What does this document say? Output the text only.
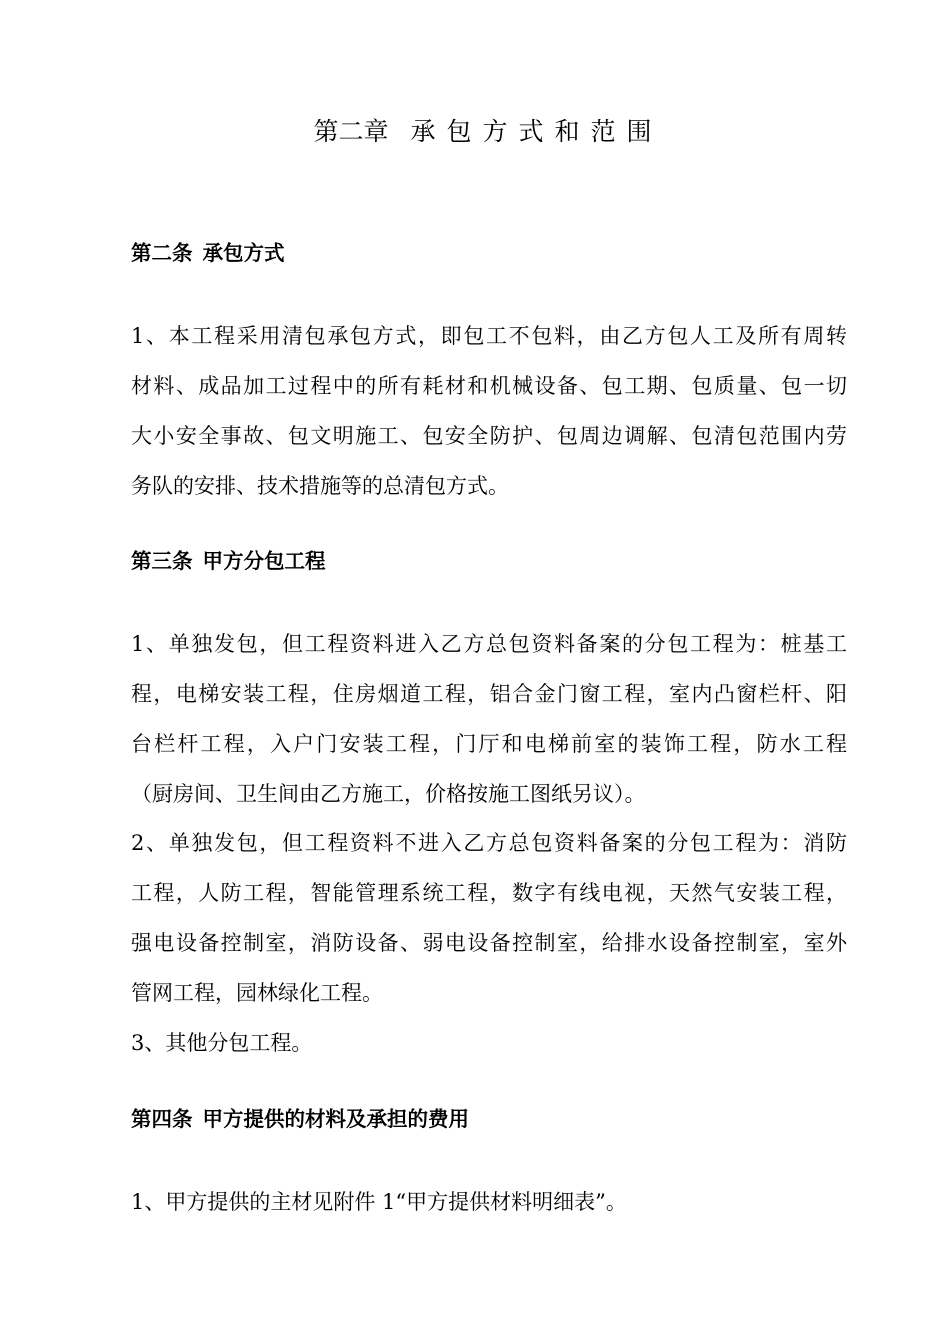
第二章 承包方式和范围
第二条 承包方式
1、本工程采用清包承包方式，即包工不包料，由乙方包人工及所有周转
材料、成品加工过程中的所有耗材和机械设备、包工期、包质量、包一切
大小安全事故、包文明施工、包安全防护、包周边调解、包清包范围内劳
务队的安排、技术措施等的总清包方式。
第三条 甲方分包工程
1、单独发包，但工程资料进入乙方总包资料备案的分包工程为：桩基工
程，电梯安装工程，住房烟道工程，铝合金门窗工程，室内凸窗栏杆、阳
台栏杆工程，入户门安装工程，门厅和电梯前室的装饰工程，防水工程
（厨房间、卫生间由乙方施工，价格按施工图纸另议）。
2、单独发包，但工程资料不进入乙方总包资料备案的分包工程为：消防
工程，人防工程，智能管理系统工程，数字有线电视，天然气安装工程，
强电设备控制室，消防设备、弱电设备控制室，给排水设备控制室，室外
管网工程，园林绿化工程。
3、其他分包工程。
第四条 甲方提供的材料及承担的费用
1、甲方提供的主材见附件 1“甲方提供材料明细表”。
